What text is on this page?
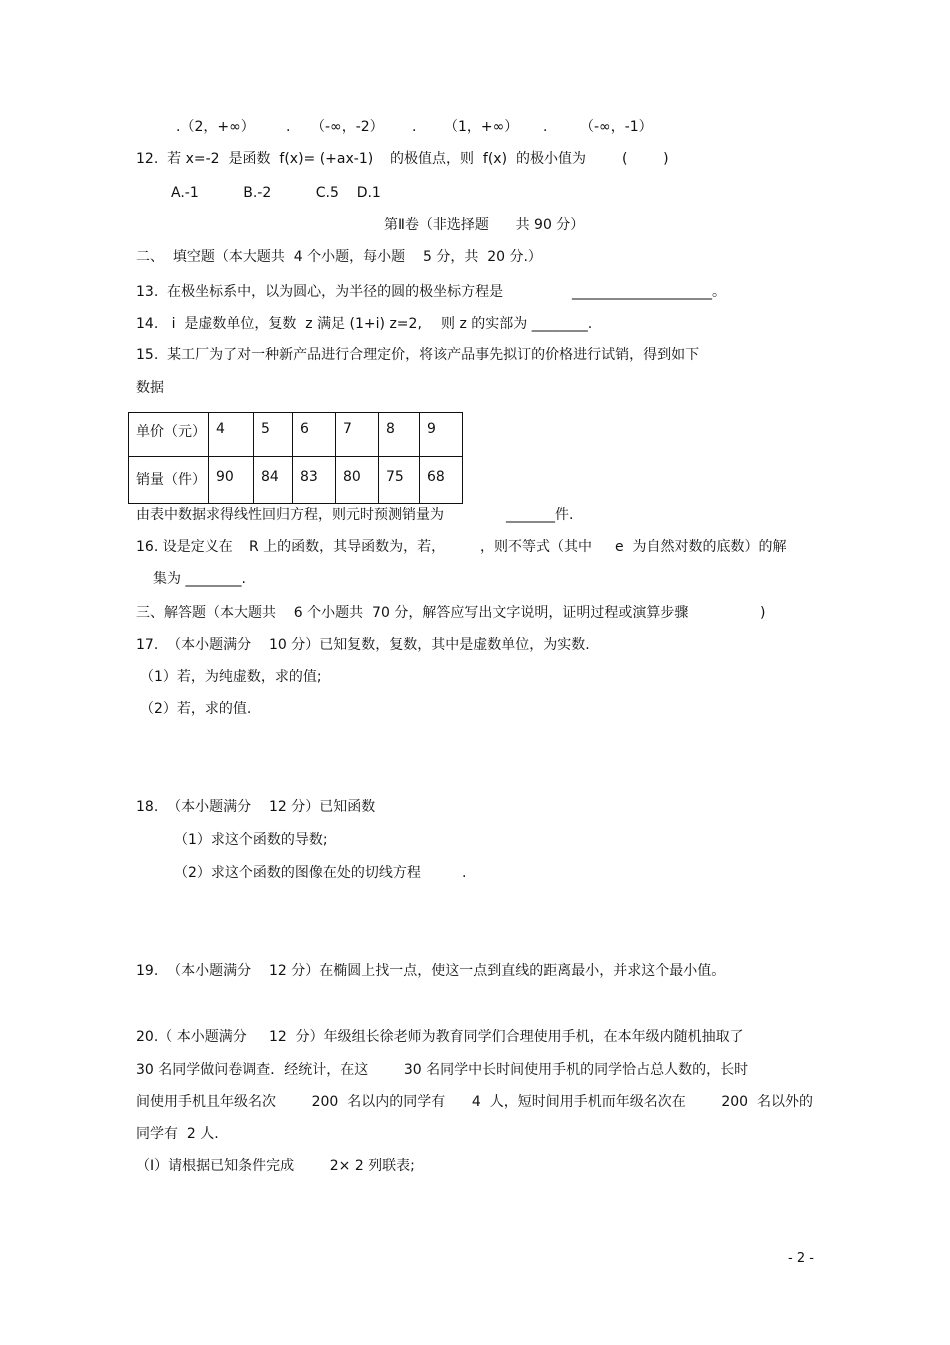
.（2，+∞） . （-∞，-2） . （1，+∞） . （-∞，-1）
12.  若 x=-2  是函数  f(x)= (+ax-1) 的极值点，则  f(x)  的极小值为	(        )
A.-1          B.-2          C.5    D.1
第Ⅱ卷（非选择题      共 90 分）
二、  填空题（本大题共  4 个小题，每小题    5 分，共  20 分.）
13.  在极坐标系中，以为圆心，为半径的圆的极坐标方程是	____________________。
14.   i  是虚数单位，复数  z 满足 (1+i) z=2, 则 z 的实部为 ________.
15.  某工厂为了对一种新产品进行合理定价，将该产品事先拟订的价格进行试销，得到如下
数据
单价（元）	4	5	6	7	8	9
销量（件）	90	84	83	80	75	68
由表中数据求得线性回归方程，则元时预测销量为	_______件.
16. 设是定义在 R 上的函数，其导函数为，若， ，则不等式（其中 e  为自然对数的底数）的解
集为 ________.
三、解答题（本大题共    6 个小题共  70 分，解答应写出文字说明，证明过程或演算步骤	)
17.  （本小题满分    10 分）已知复数，复数，其中是虚数单位，为实数.
（1）若，为纯虚数，求的值;
（2）若，求的值.
18.  （本小题满分    12 分）已知函数
（1）求这个函数的导数;
（2）求这个函数的图像在处的切线方程	.
19.  （本小题满分    12 分）在椭圆上找一点，使这一点到直线的距离最小，并求这个最小值。
20.（ 本小题满分     12  分）年级组长徐老师为教育同学们合理使用手机，在本年级内随机抽取了
30 名同学做问卷调查．经统计，在这        30 名同学中长时间使用手机的同学恰占总人数的，长时
间使用手机且年级名次        200  名以内的同学有      4  人，短时间用手机而年级名次在        200  名以外的
同学有  2 人.
（Ⅰ）请根据已知条件完成        2× 2 列联表;
- 2 -
